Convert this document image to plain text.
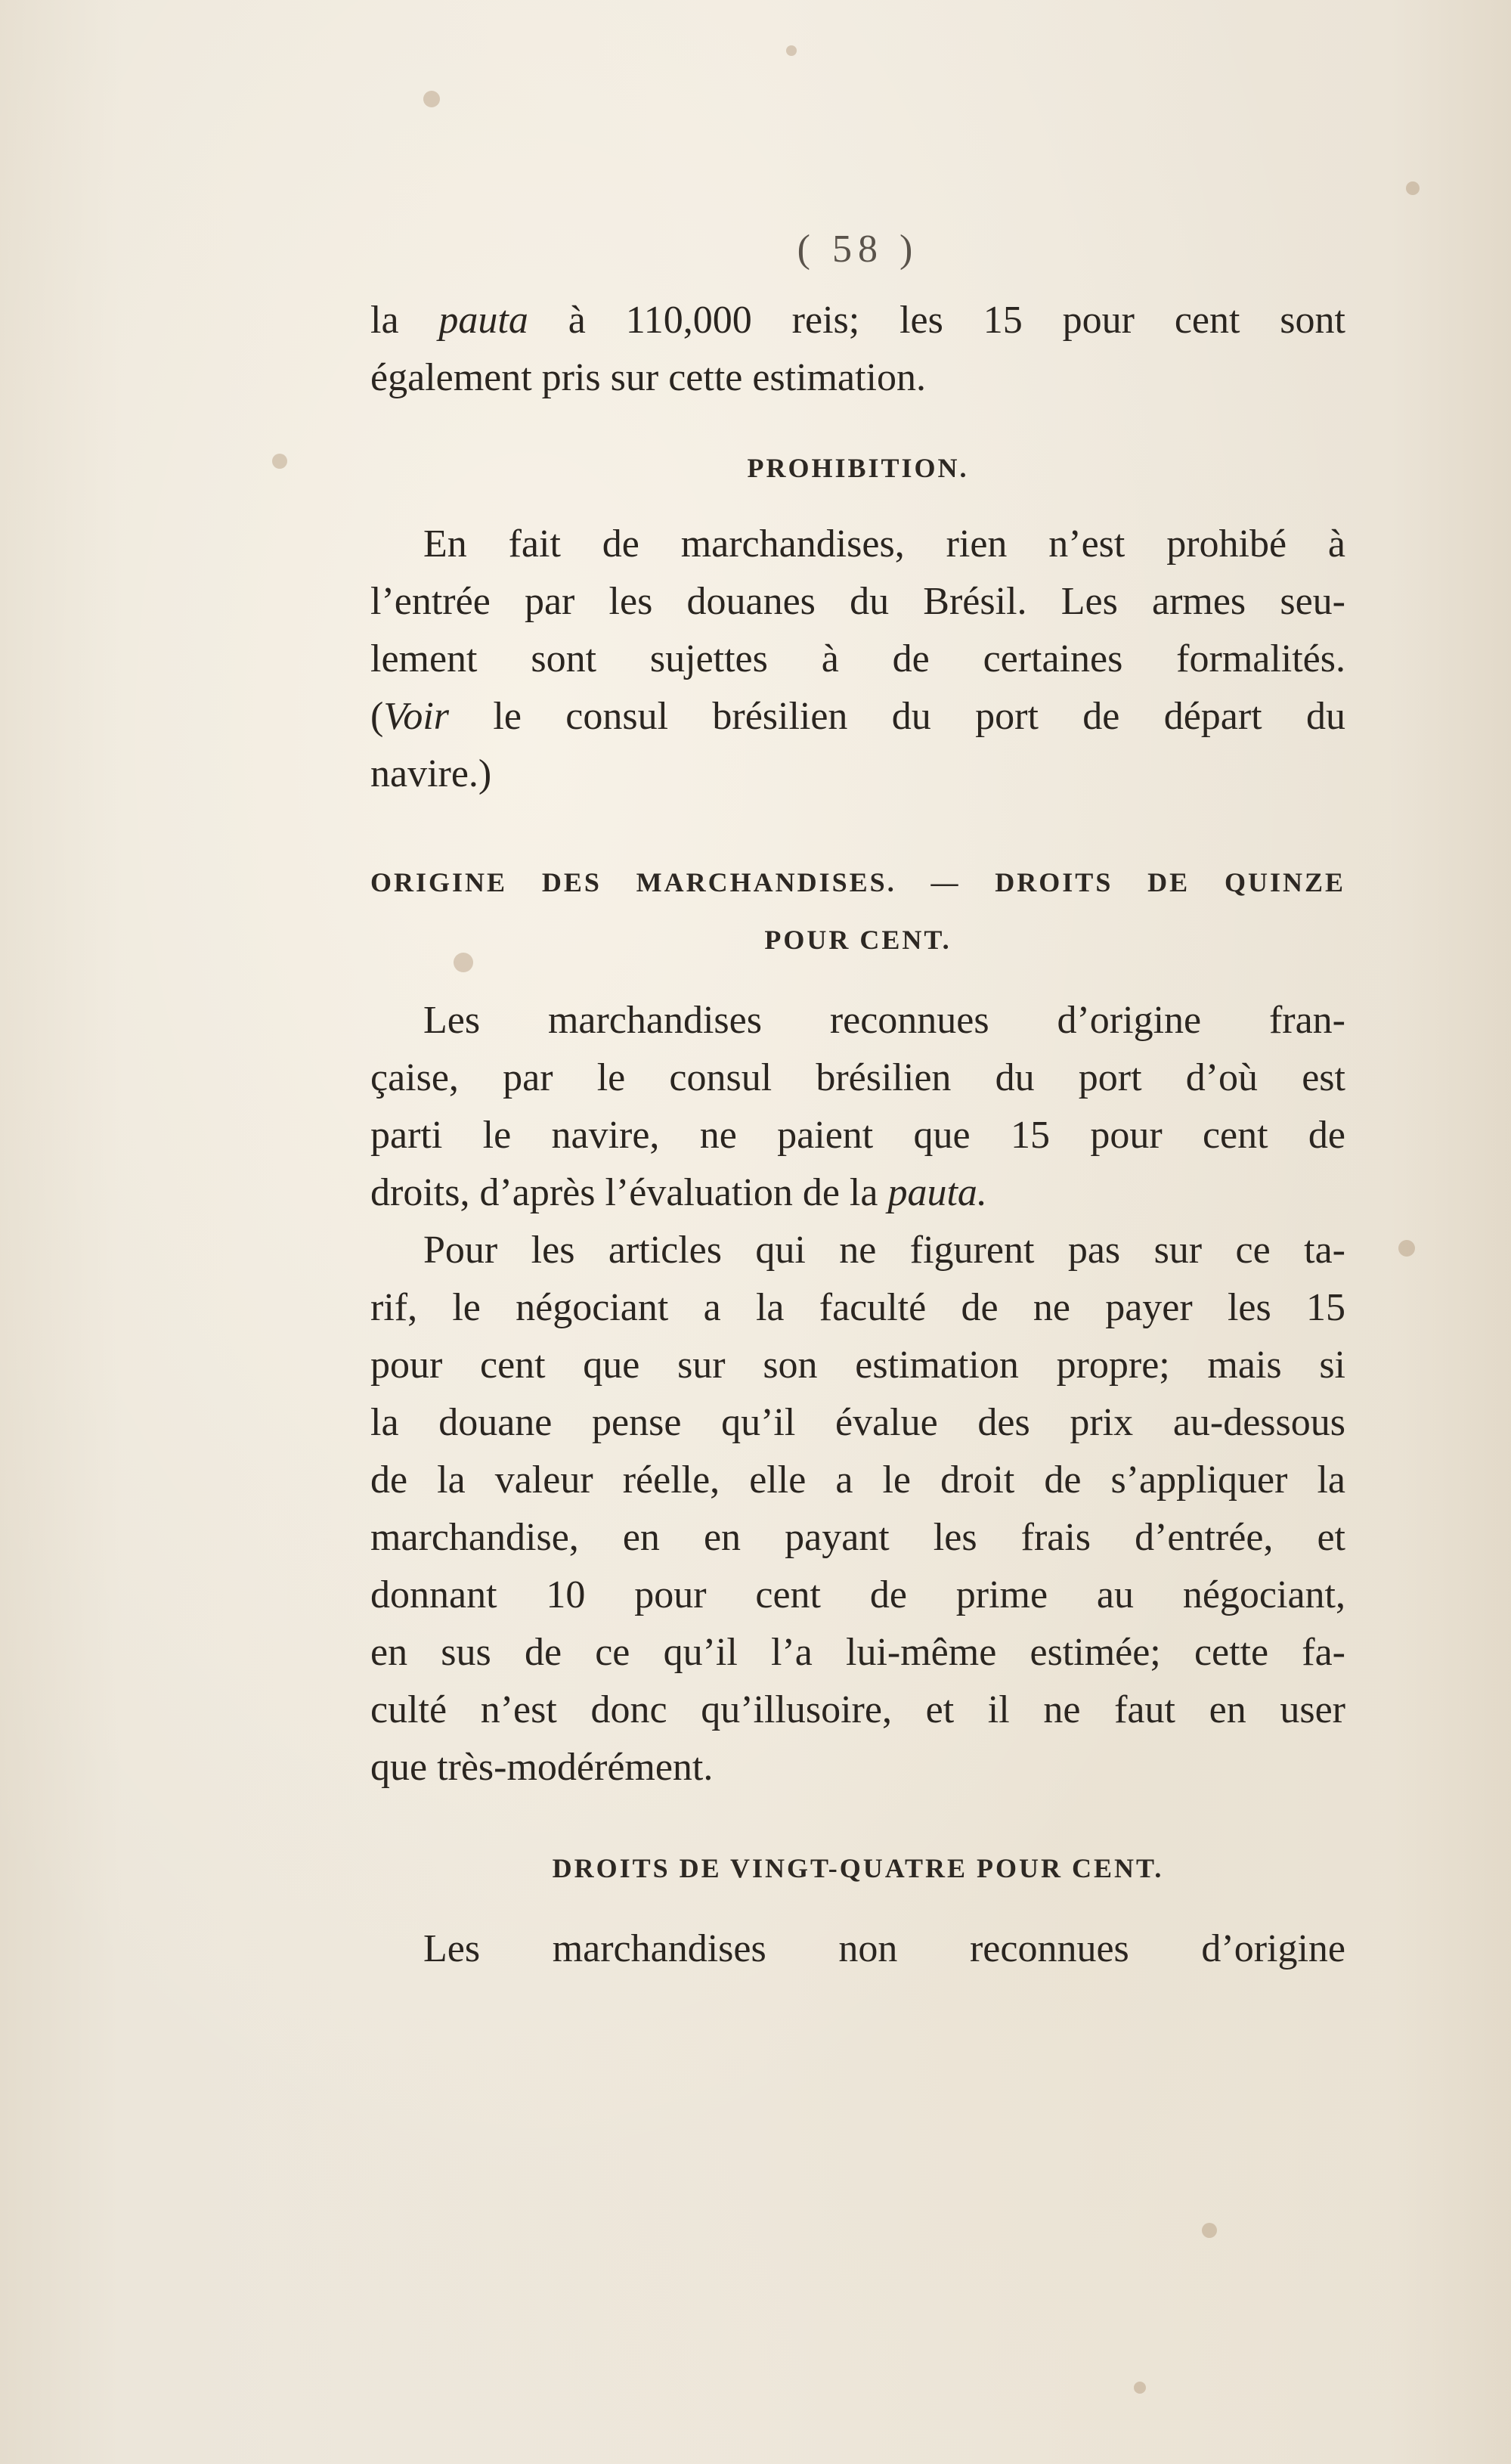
( 58 )
la pauta à 110,000 reis; les 15 pour cent sont
également pris sur cette estimation.
PROHIBITION.
En fait de marchandises, rien n’est prohibé à
l’entrée par les douanes du Brésil. Les armes seu-
lement sont sujettes à de certaines formalités.
(Voir le consul brésilien du port de départ du
navire.)
ORIGINE DES MARCHANDISES. — DROITS DE QUINZE
POUR CENT.
Les marchandises reconnues d’origine fran-
çaise, par le consul brésilien du port d’où est
parti le navire, ne paient que 15 pour cent de
droits, d’après l’évaluation de la pauta.
Pour les articles qui ne figurent pas sur ce ta-
rif, le négociant a la faculté de ne payer les 15
pour cent que sur son estimation propre; mais si
la douane pense qu’il évalue des prix au-dessous
de la valeur réelle, elle a le droit de s’appliquer la
marchandise, en en payant les frais d’entrée, et
donnant 10 pour cent de prime au négociant,
en sus de ce qu’il l’a lui-même estimée; cette fa-
culté n’est donc qu’illusoire, et il ne faut en user
que très-modérément.
DROITS DE VINGT-QUATRE POUR CENT.
Les marchandises non reconnues d’origine
